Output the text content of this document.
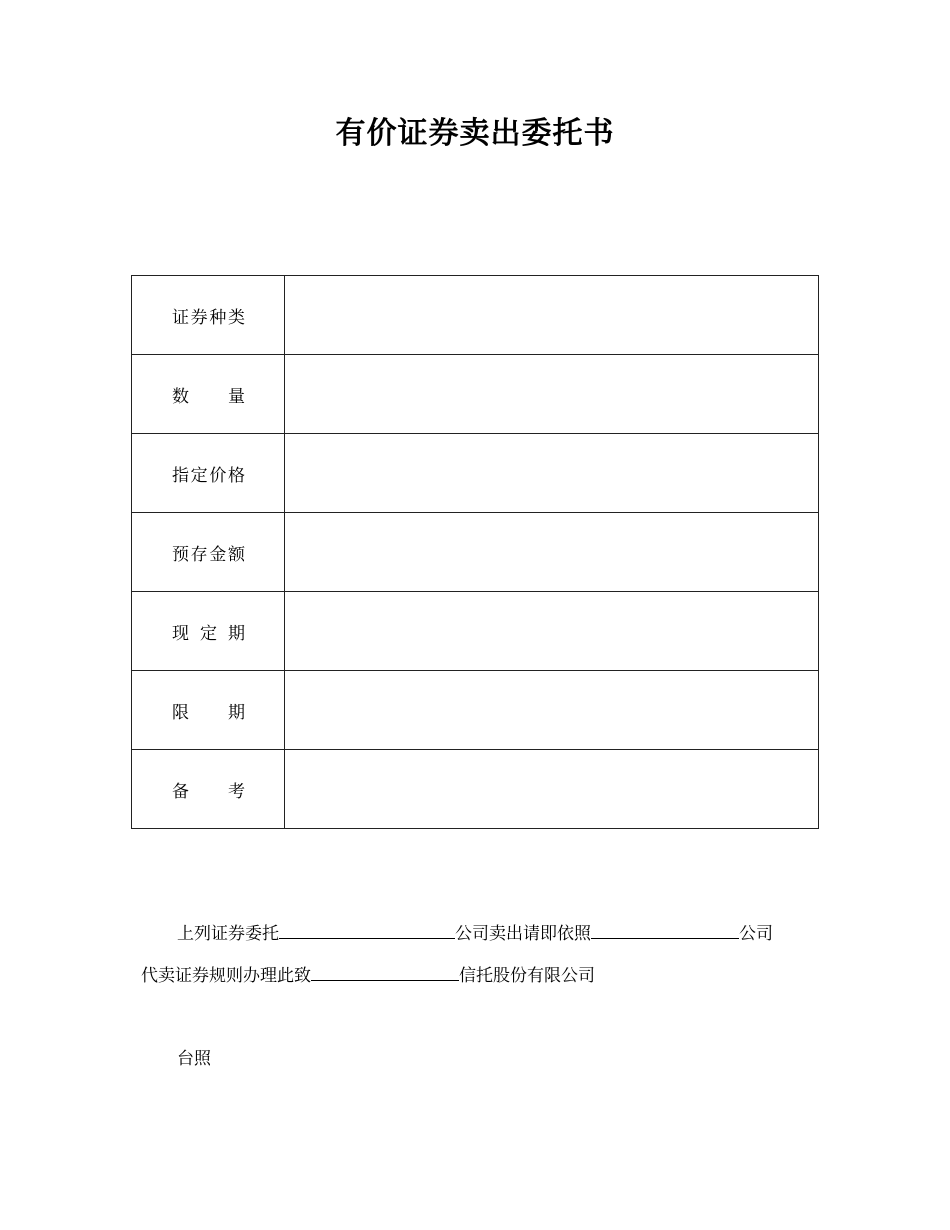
有价证券卖出委托书
证 券 种 类	

数 量	

指 定 价 格	

预 存 金 额	

现 定 期	

限 期	

备 考	

上列证券委托	公司卖出请即依照	公司
代卖证券规则办理此致	信托股份有限公司
台照
